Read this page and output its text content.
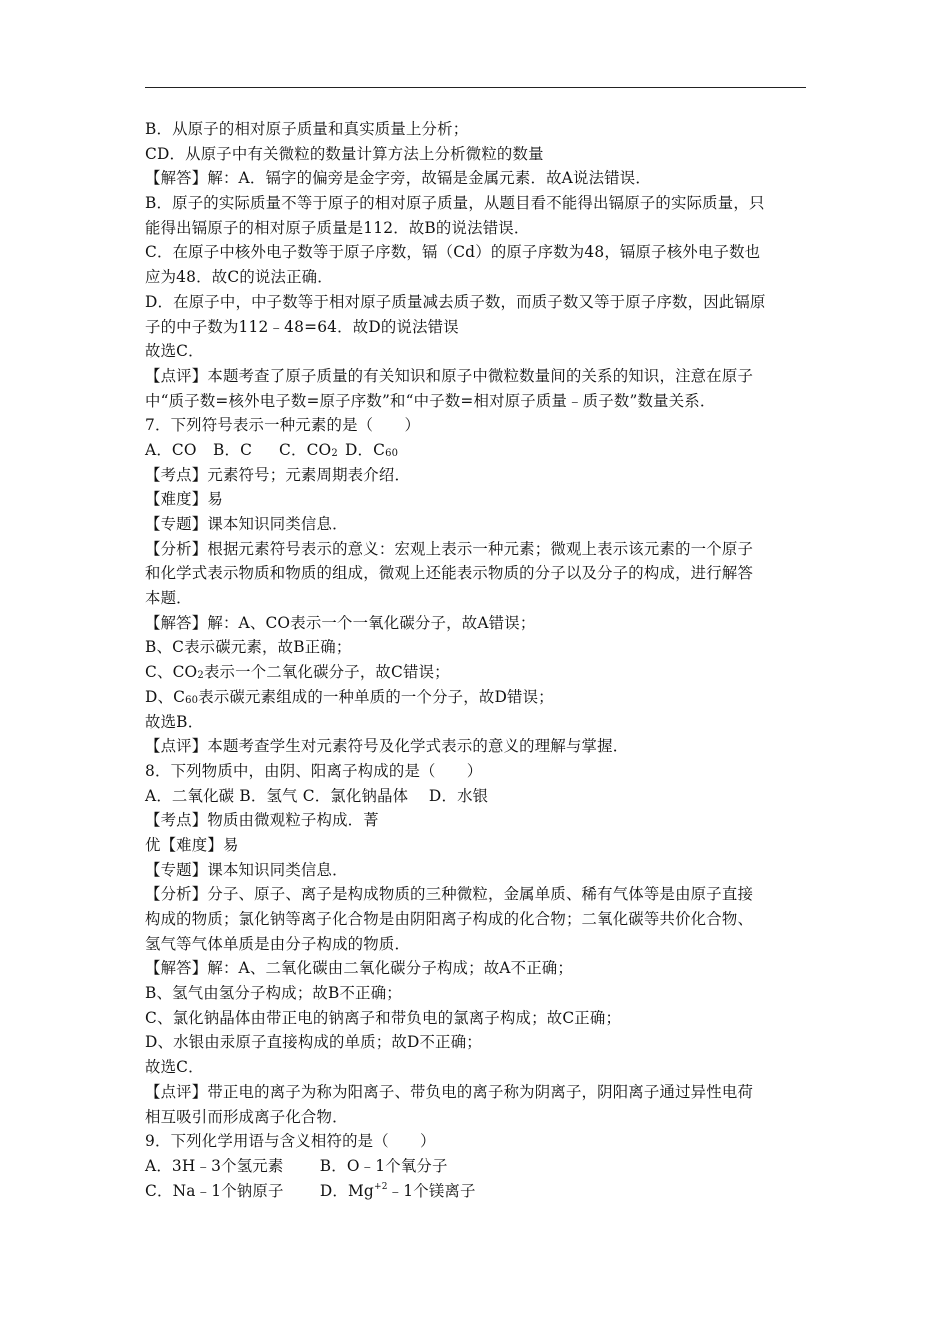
B．从原子的相对原子质量和真实质量上分析；
CD．从原子中有关微粒的数量计算方法上分析微粒的数量
【解答】解：A．镉字的偏旁是金字旁，故镉是金属元素．故A说法错误．
B．原子的实际质量不等于原子的相对原子质量，从题目看不能得出镉原子的实际质量，只
能得出镉原子的相对原子质量是112．故B的说法错误．
C．在原子中核外电子数等于原子序数，镉（Cd）的原子序数为48，镉原子核外电子数也
应为48．故C的说法正确．
D．在原子中，中子数等于相对原子质量减去质子数，而质子数又等于原子序数，因此镉原
子的中子数为112﹣48=64．故D的说法错误
故选C．
【点评】本题考查了原子质量的有关知识和原子中微粒数量间的关系的知识，注意在原子
中“质子数=核外电子数=原子序数”和“中子数=相对原子质量﹣质子数”数量关系．
7．下列符号表示一种元素的是（　　）
A．CO B．C C．$CO_2$ D．$C_{60}$
【考点】元素符号；元素周期表介绍．
【难度】易
【专题】课本知识同类信息．
【分析】根据元素符号表示的意义：宏观上表示一种元素；微观上表示该元素的一个原子
和化学式表示物质和物质的组成，微观上还能表示物质的分子以及分子的构成，进行解答
本题．
【解答】解：A、CO表示一个一氧化碳分子，故A错误；
B、C表示碳元素，故B正确；
C、$CO_2$表示一个二氧化碳分子，故C错误；
D、$C_{60}$表示碳元素组成的一种单质的一个分子，故D错误；
故选B．
【点评】本题考查学生对元素符号及化学式表示的意义的理解与掌握．
8．下列物质中，由阴、阳离子构成的是（　　）
A．二氧化碳 B．氢气 C．氯化钠晶体　 D．水银
【考点】物质由微观粒子构成．菁
优【难度】易
【专题】课本知识同类信息．
【分析】分子、原子、离子是构成物质的三种微粒，金属单质、稀有气体等是由原子直接
构成的物质；氯化钠等离子化合物是由阴阳离子构成的化合物；二氧化碳等共价化合物、
氢气等气体单质是由分子构成的物质．
【解答】解：A、二氧化碳由二氧化碳分子构成；故A不正确；
B、氢气由氢分子构成；故B不正确；
C、氯化钠晶体由带正电的钠离子和带负电的氯离子构成；故C正确；
D、水银由汞原子直接构成的单质；故D不正确；
故选C．
【点评】带正电的离子为称为阳离子、带负电的离子称为阴离子，阴阳离子通过异性电荷
相互吸引而形成离子化合物．
9．下列化学用语与含义相符的是（　　）
A．3H﹣3个氢元素　　 B．O﹣1个氧分子
C．Na﹣1个钠原子　　 D．$Mg^{+2}﹣1$个镁离子
